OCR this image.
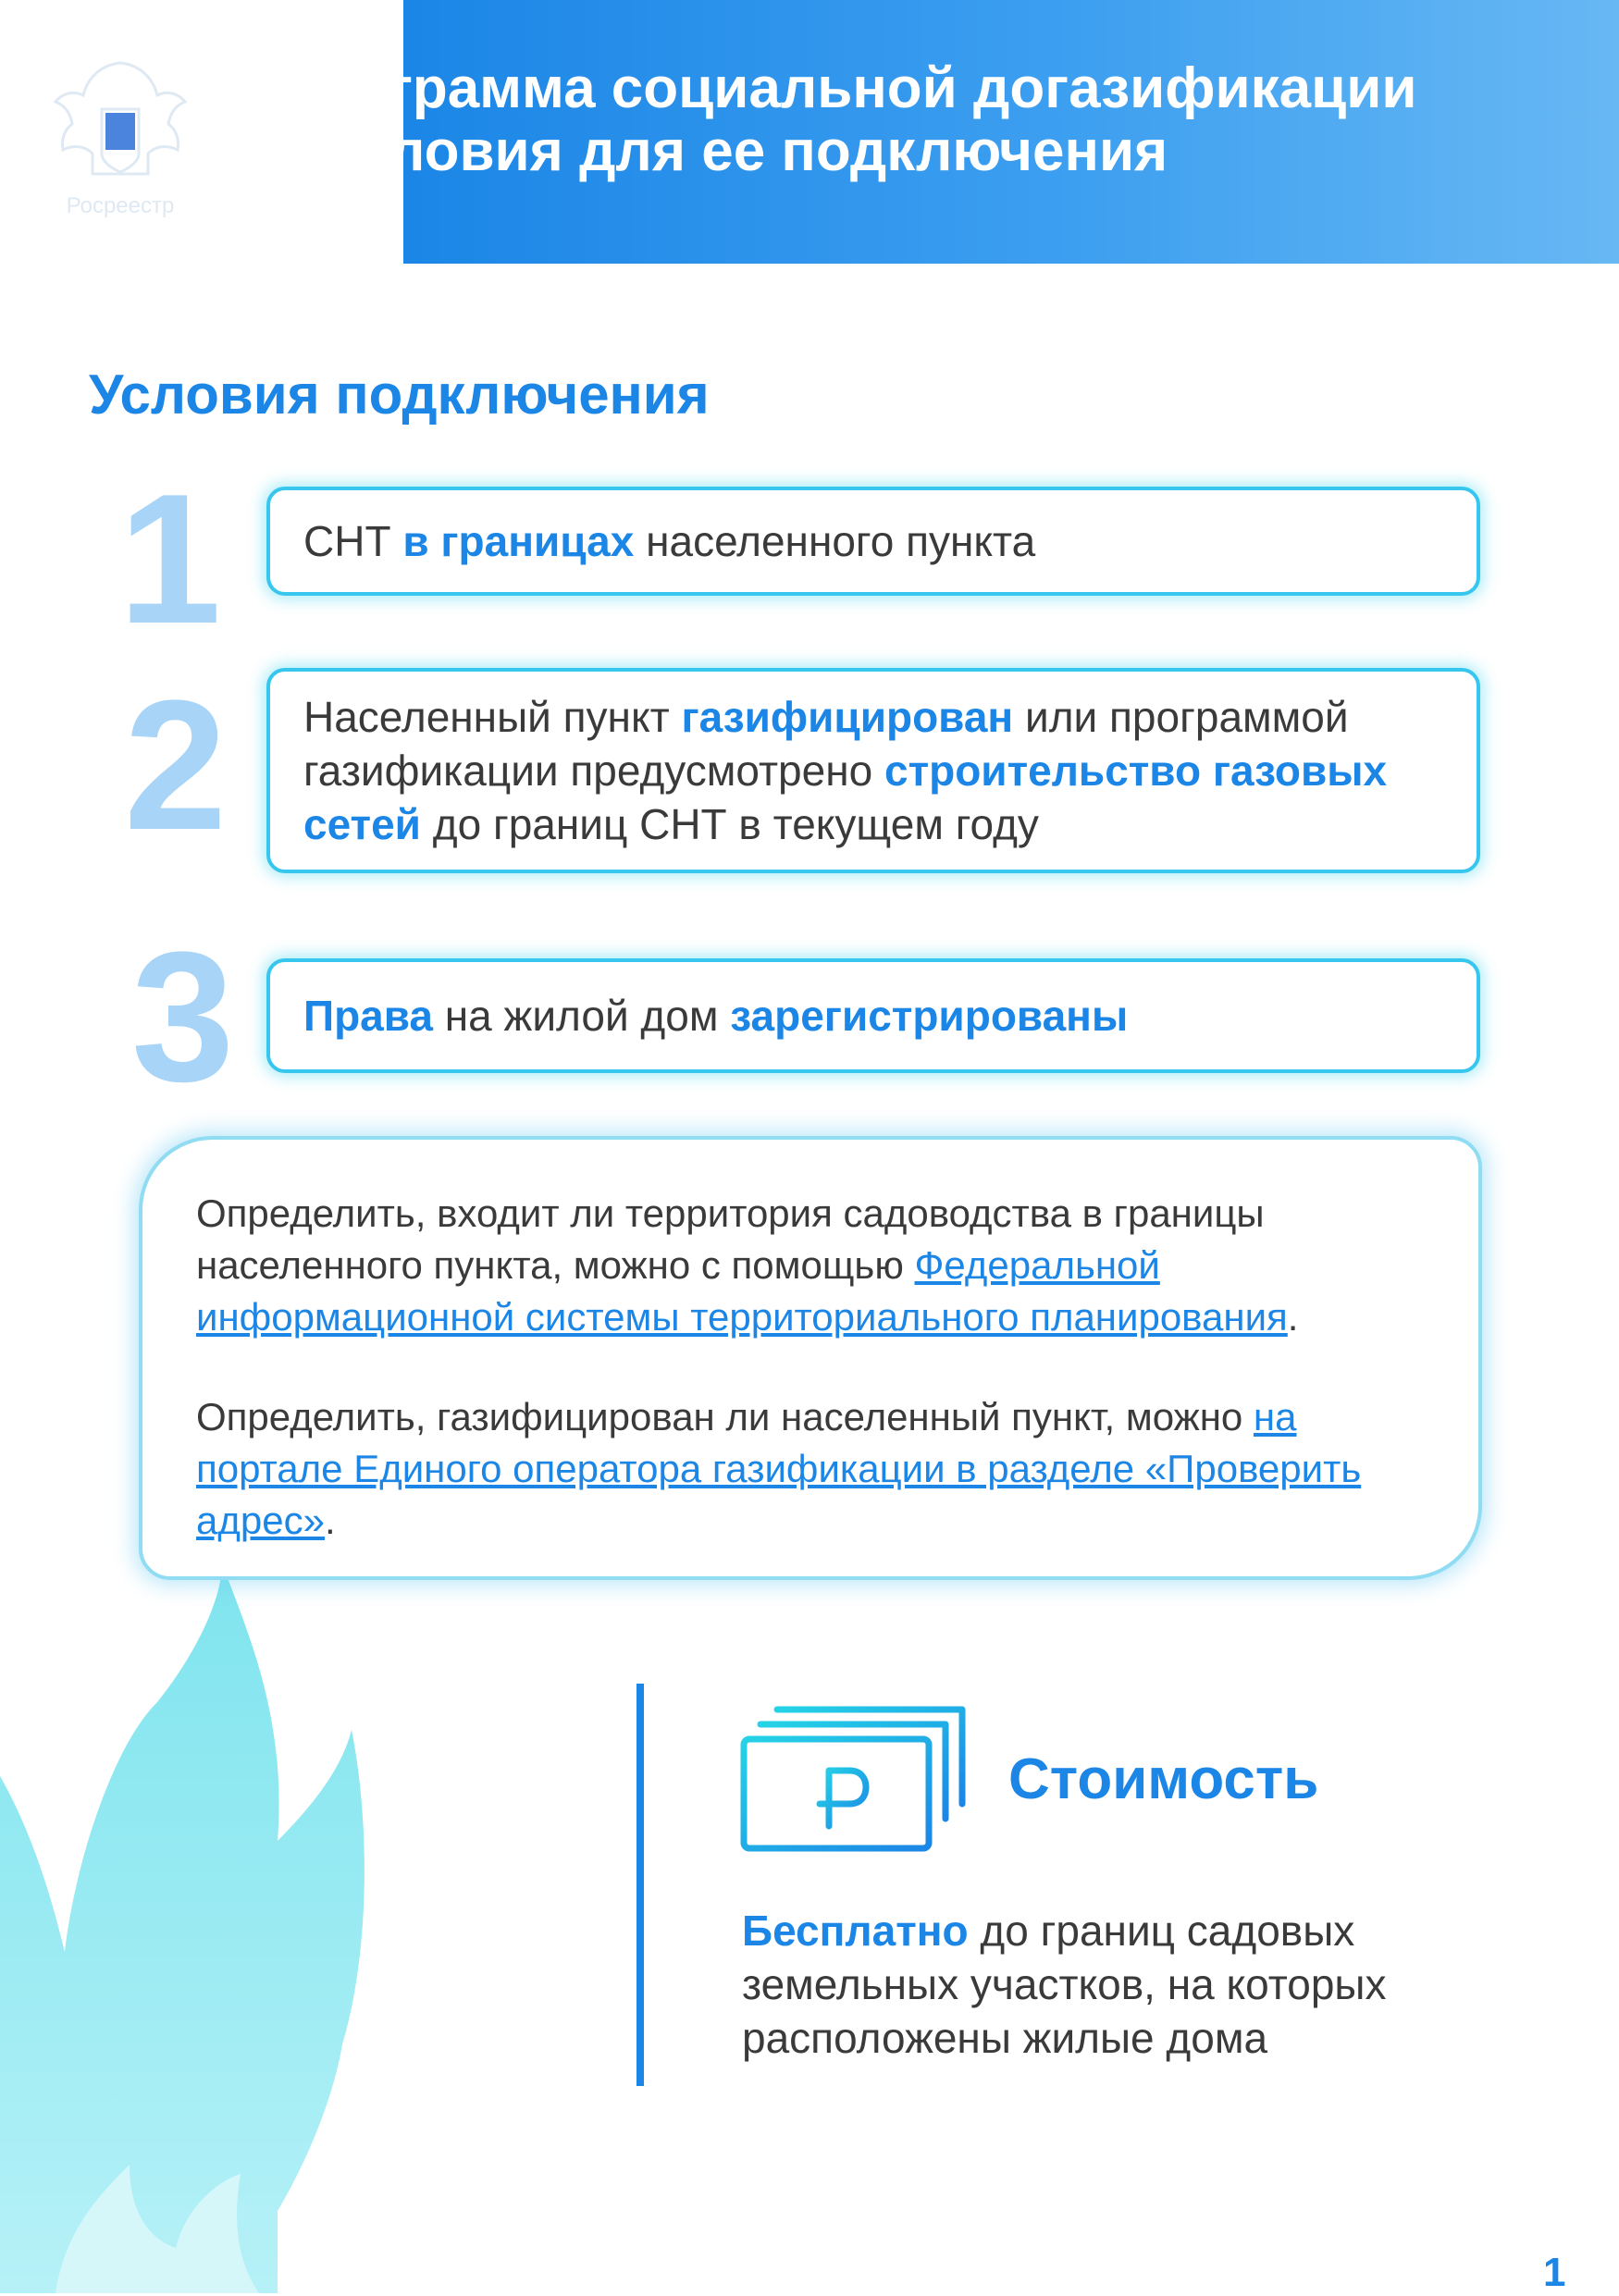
Росреестр
грамма социальной догазификации
ловия для ее подключения
Условия подключения
1 СНТ в границах населенного пункта

2 Населенный пункт газифицирован или программой газификации предусмотрено строительство газовых сетей до границ СНТ в текущем году

3 Права на жилой дом зарегистрированы

Определить, входит ли территория садоводства в границы населенного пункта, можно с помощью Федеральной информационной системы территориального планирования.

Определить, газифицирован ли населенный пункт, можно на портале Единого оператора газификации в разделе «Проверить адрес».

Стоимость

Бесплатно до границ садовых земельных участков, на которых расположены жилые дома

1
